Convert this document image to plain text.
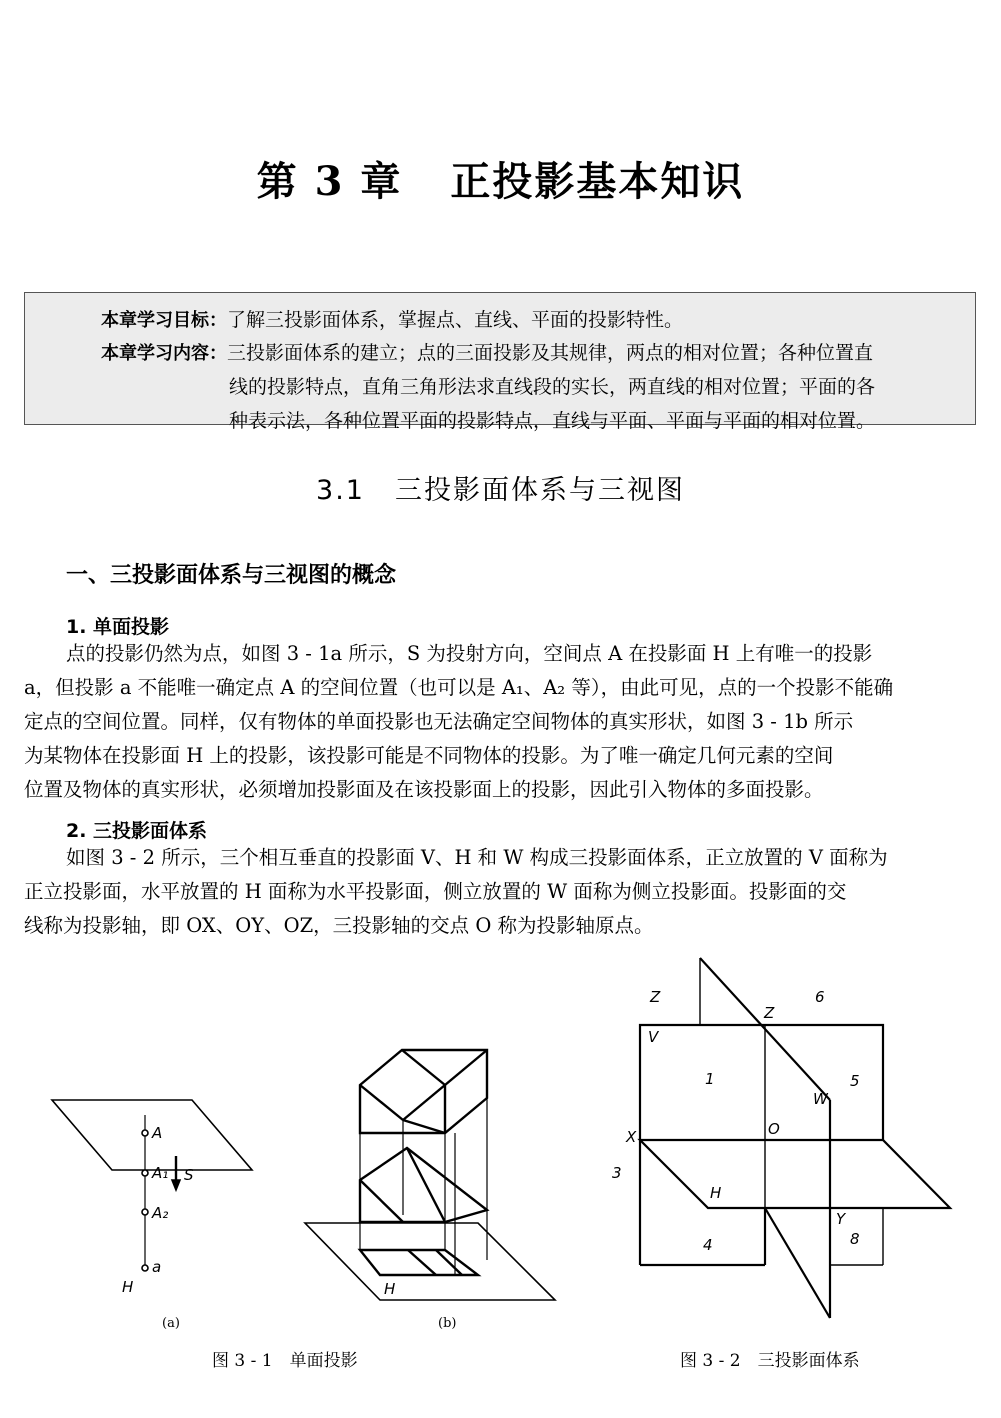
第 3 章 正投影基本知识
本章学习目标：了解三投影面体系，掌握点、直线、平面的投影特性。
本章学习内容：三投影面体系的建立；点的三面投影及其规律，两点的相对位置；各种位置直
线的投影特点，直角三角形法求直线段的实长，两直线的相对位置；平面的各
种表示法，各种位置平面的投影特点，直线与平面、平面与平面的相对位置。
3.1 三投影面体系与三视图
一、三投影面体系与三视图的概念
1. 单面投影

点的投影仍然为点，如图 3 - 1a 所示，S 为投射方向，空间点 A 在投影面 H 上有唯一的投影

a，但投影 a 不能唯一确定点 A 的空间位置（也可以是 A₁、A₂ 等），由此可见，点的一个投影不能确

定点的空间位置。同样，仅有物体的单面投影也无法确定空间物体的真实形状，如图 3 - 1b 所示

为某物体在投影面 H 上的投影，该投影可能是不同物体的投影。为了唯一确定几何元素的空间

位置及物体的真实形状，必须增加投影面及在该投影面上的投影，因此引入物体的多面投影。

2. 三投影面体系

如图 3 - 2 所示，三个相互垂直的投影面 V、H 和 W 构成三投影面体系，正立放置的 V 面称为

正立投影面，水平放置的 H 面称为水平投影面，侧立放置的 W 面称为侧立投影面。投影面的交

线称为投影轴，即 OX、OY、OZ，三投影轴的交点 O 称为投影轴原点。

A
A₁ S
A₂
a
H	H
(a)	(b)
图 3 - 1　单面投影
Z
Z
6
V
1	5
W
X	O
3
H
Y
4	8
图 3 - 2　三投影面体系
